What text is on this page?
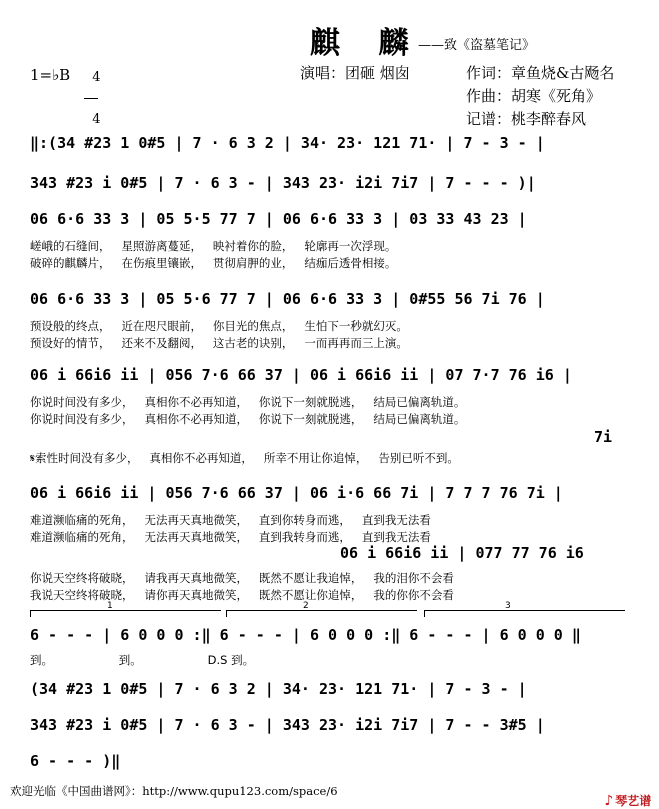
麒 麟
——致《盗墓笔记》
1=♭B	4

4

演唱：团砸 烟囱	作词：章鱼烧&古飏名
作曲：胡寒《死角》
记谱：桃李醉春风
‖:(34 #23 1 0#5 | 7 · 6 3 2 | 34· 23· 121 71· | 7 - 3 - |
343 #23 i 0#5 | 7 · 6 3 - | 343 23· i2i 7i7 | 7 - - - )|
06 6·6 33 3 | 05 5·5 77 7 | 06 6·6 33 3 | 03 33 43 23 |
嵯峨的石缝间，   星照游离蔓延，   映衬着你的脸，   轮廓再一次浮现。
破碎的麒麟片，   在伤痕里镶嵌，   贯彻肩胛的业，   结痂后透骨相接。
06 6·6 33 3 | 05 5·6 77 7 | 06 6·6 33 3 | 0#55 56 7i 76 |
预设般的终点，   近在咫尺眼前，   你目光的焦点，   生怕下一秒就幻灭。
预设好的情节，   还来不及翻阅，   这古老的诀别，   一而再再而三上演。
06 i 66i6 ii | 056 7·6 66 37 | 06 i 66i6 ii | 07 7·7 76 i6 |
你说时间没有多少，   真相你不必再知道，   你说下一刻就脱逃，   结局已偏离轨道。
你说时间没有多少，   真相你不必再知道，   你说下一刻就脱逃，   结局已偏离轨道。
7i
𝄋索性时间没有多少，   真相你不必再知道，   所幸不用让你追悼，   告别已听不到。
06 i 66i6 ii | 056 7·6 66 37 | 06 i·6 66 7i | 7 7 7 76 7i |
难道濒临痛的死角，   无法再天真地微笑，   直到你转身而逃，   直到我无法看
难道濒临痛的死角，   无法再天真地微笑，   直到我转身而逃，   直到我无法看
06 i 66i6 ii | 077 77 76 i6
你说天空终将破晓，   请我再天真地微笑，   既然不愿让我追悼，   我的泪你不会看
我说天空终将破晓，   请你再天真地微笑，   既然不愿让你追悼，   我的你你不会看
1	2	3
6 - - - | 6 0 0 0 :‖ 6 - - - | 6 0 0 0 :‖ 6 - - - | 6 0 0 0 ‖
到。                  到。                  D.S 到。
(34 #23 1 0#5 | 7 · 6 3 2 | 34· 23· 121 71· | 7 - 3 - |
343 #23 i 0#5 | 7 · 6 3 - | 343 23· i2i 7i7 | 7 - - 3#5 |
6 - - - )‖
欢迎光临《中国曲谱网》：http://www.qupu123.com/space/6

♪ 琴艺谱
